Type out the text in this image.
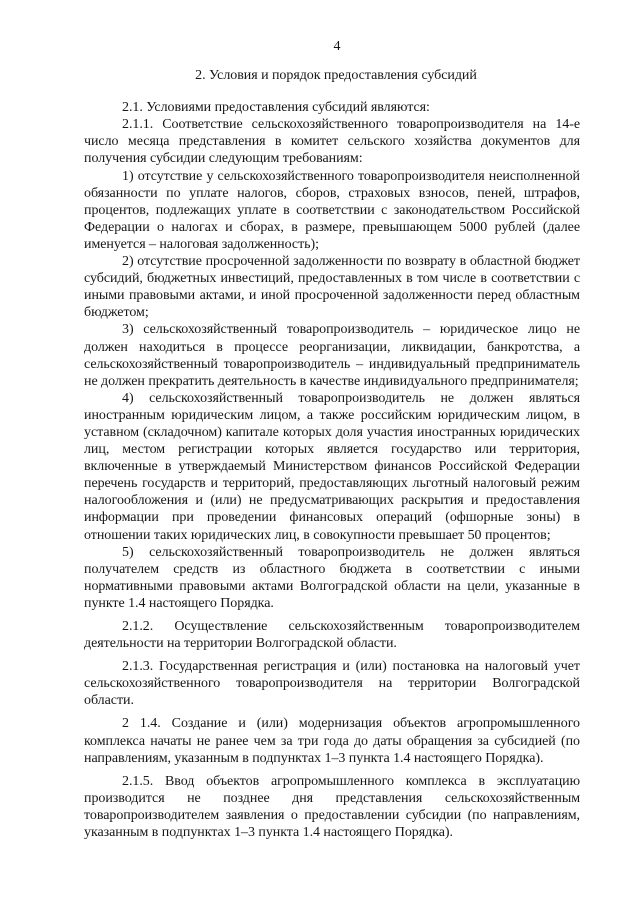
4
2. Условия и порядок предоставления субсидий

2.1. Условиями предоставления субсидий являются:

2.1.1. Соответствие сельскохозяйственного товаропроизводителя на 14-е число месяца представления в комитет сельского хозяйства документов для получения субсидии следующим требованиям:

1) отсутствие у сельскохозяйственного товаропроизводителя неисполненной обязанности по уплате налогов, сборов, страховых взносов, пеней, штрафов, процентов, подлежащих уплате в соответствии с законодательством Российской Федерации о налогах и сборах, в размере, превышающем 5000 рублей (далее именуется – налоговая задолженность);

2) отсутствие просроченной задолженности по возврату в областной бюджет субсидий, бюджетных инвестиций, предоставленных в том числе в соответствии с иными правовыми актами, и иной просроченной задолженности перед областным бюджетом;

3) сельскохозяйственный товаропроизводитель – юридическое лицо не должен находиться в процессе реорганизации, ликвидации, банкротства, а сельскохозяйственный товаропроизводитель – индивидуальный предприниматель не должен прекратить деятельность в качестве индивидуального предпринимателя;

4) сельскохозяйственный товаропроизводитель не должен являться иностранным юридическим лицом, а также российским юридическим лицом, в уставном (складочном) капитале которых доля участия иностранных юридических лиц, местом регистрации которых является государство или территория, включенные в утверждаемый Министерством финансов Российской Федерации перечень государств и территорий, предоставляющих льготный налоговый режим налогообложения и (или) не предусматривающих раскрытия и предоставления информации при проведении финансовых операций (офшорные зоны) в отношении таких юридических лиц, в совокупности превышает 50 процентов;

5) сельскохозяйственный товаропроизводитель не должен являться получателем средств из областного бюджета в соответствии с иными нормативными правовыми актами Волгоградской области на цели, указанные в пункте 1.4 настоящего Порядка.

2.1.2. Осуществление сельскохозяйственным товаропроизводителем деятельности на территории Волгоградской области.

2.1.3. Государственная регистрация и (или) постановка на налоговый учет сельскохозяйственного товаропроизводителя на территории Волгоградской области.

2 1.4. Создание и (или) модернизация объектов агропромышленного комплекса начаты не ранее чем за три года до даты обращения за субсидией (по направлениям, указанным в подпунктах 1–3 пункта 1.4 настоящего Порядка).

2.1.5. Ввод объектов агропромышленного комплекса в эксплуатацию производится не позднее дня представления сельскохозяйственным товаропроизводителем заявления о предоставлении субсидии (по направлениям, указанным в подпунктах 1–3 пункта 1.4 настоящего Порядка).
